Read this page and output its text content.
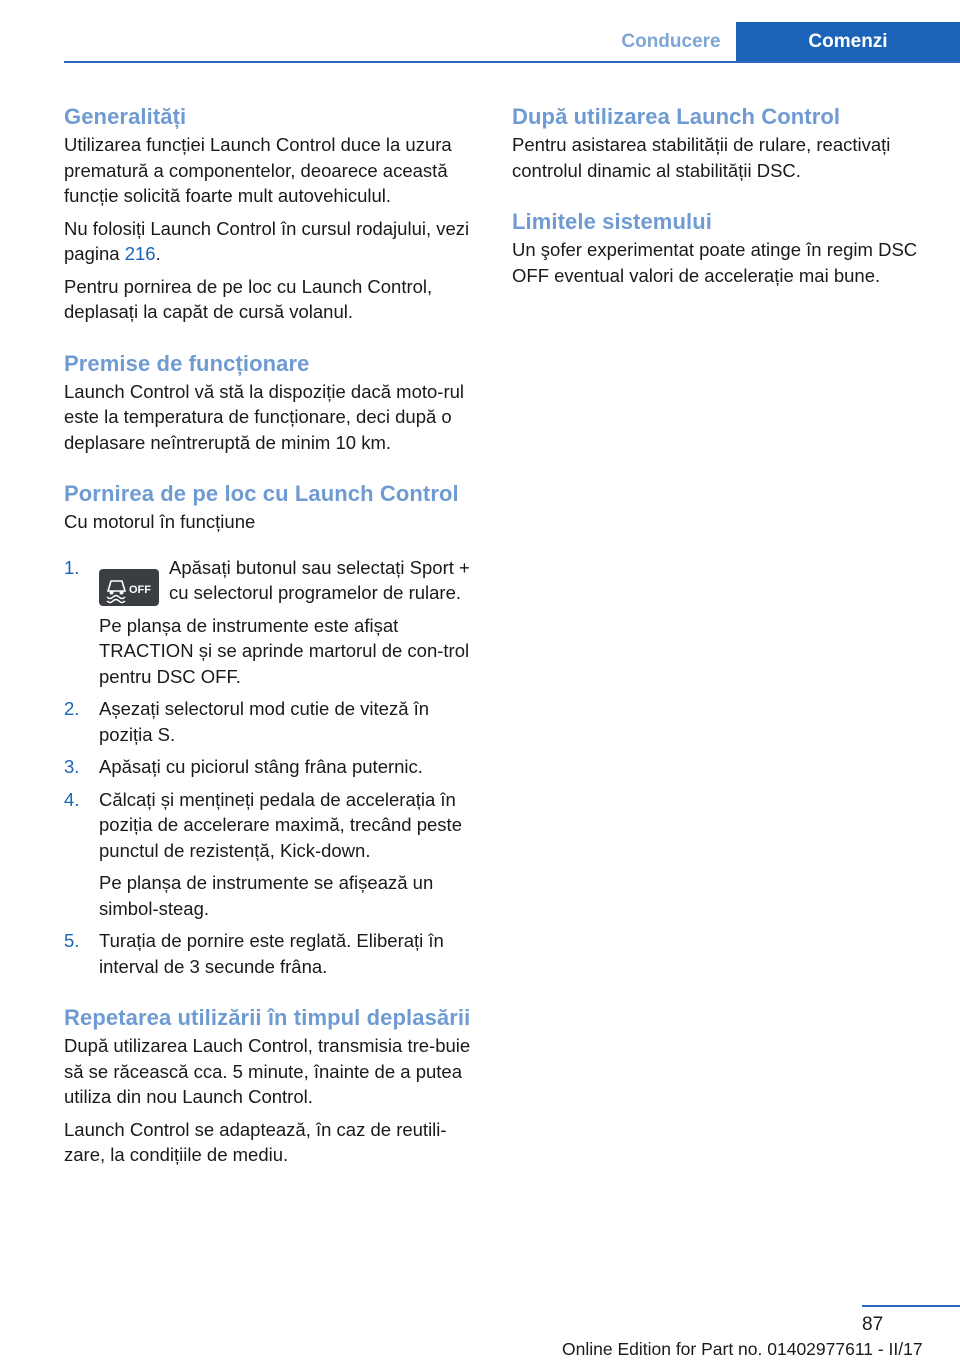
Conducere	Comenzi
Generalități

Utilizarea funcției Launch Control duce la uzura prematură a componentelor, deoarece această funcție solicită foarte mult autovehiculul.

Nu folosiți Launch Control în cursul rodajului, vezi pagina 216.

Pentru pornirea de pe loc cu Launch Control, deplasați la capăt de cursă volanul.

Premise de funcționare

Launch Control vă stă la dispoziție dacă moto‐rul este la temperatura de funcționare, deci după o deplasare neîntreruptă de minim 10 km.

Pornirea de pe loc cu Launch Control

Cu motorul în funcțiune

1.

OFF
Apăsați butonul sau selectați Sport + cu selectorul programelor de rulare.

Pe planșa de instrumente este afișat TRACTION și se aprinde martorul de con‐trol pentru DSC OFF.

2. Așezați selectorul mod cutie de viteză în poziția S.

3. Apăsați cu piciorul stâng frâna puternic.

4. Călcați și mențineți pedala de accelerația în poziția de accelerare maximă, trecând peste punctul de rezistență, Kick-down.

Pe planșa de instrumente se afișează un simbol-steag.

5. Turația de pornire este reglată. Eliberați în interval de 3 secunde frâna.

Repetarea utilizării în timpul deplasării

După utilizarea Lauch Control, transmisia tre‐buie să se răcească cca. 5 minute, înainte de a putea utiliza din nou Launch Control.

Launch Control se adaptează, în caz de reutili‐zare, la condițiile de mediu.

După utilizarea Launch Control

Pentru asistarea stabilității de rulare, reactivați controlul dinamic al stabilității DSC.

Limitele sistemului

Un şofer experimentat poate atinge în regim DSC OFF eventual valori de accelerație mai bune.

87
Online Edition for Part no. 01402977611 - II/17
